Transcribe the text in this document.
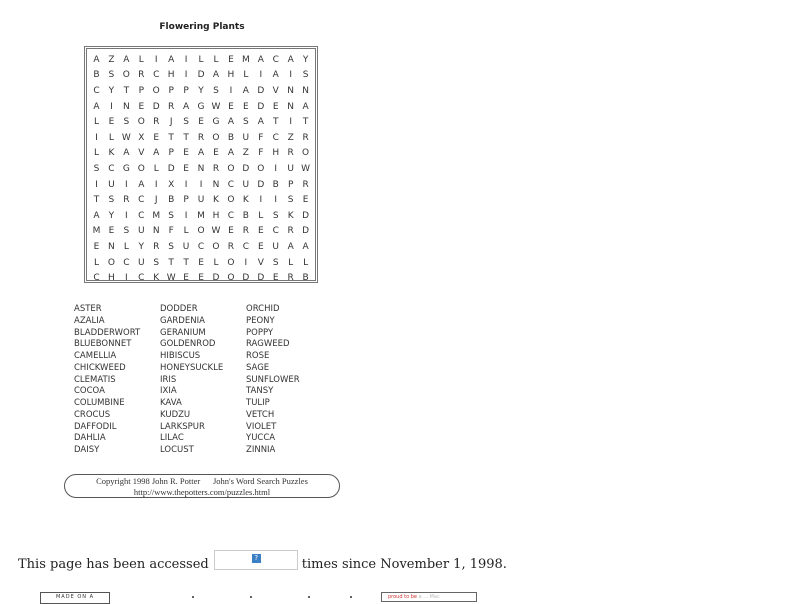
Flowering Plants
A Z A	L	I	A	I	L	L	E M A C A	Y
B S O R C H	I	D A H	L	I	A	I	S
C	Y	T	P O P	P	Y	S	I	A D V N N
A	I	N E D R A G W E	E D E N A
L	E	S O R	J	S	E G A	S A	T	I	T
I	L W X	E	T	T	R O B U	F	C Z R
L	K A V A	P	E	A	E	A Z	F H R O
S C G O L D E N R O D O	I	U W
I	U	I	A	I	X	I	I	N C U D B	P	R
T	S R C	J	B	P U K O K	I	I	S	E
A	Y	I	C M S	I	M H C B	L	S	K D
M E	S U N F	L O W E R E C R D
E N	L	Y	R S U C O R C E U A A
L O C U S	T	T	E	L O	I	V	S	L	L
C H	I	C K W E	E D O D D E R B
ASTER
AZALIA
BLADDERWORT
BLUEBONNET
CAMELLIA
CHICKWEED
CLEMATIS
COCOA
COLUMBINE
CROCUS
DAFFODIL
DAHLIA
DAISY
DODDER
GARDENIA
GERANIUM
GOLDENROD
HIBISCUS
HONEYSUCKLE
IRIS
IXIA
KAVA
KUDZU
LARKSPUR
LILAC
LOCUST
ORCHID
PEONY
POPPY
RAGWEED
ROSE
SAGE
SUNFLOWER
TANSY
TULIP
VETCH
VIOLET
YUCCA
ZINNIA
Copyright 1998 John R. Potter John's Word Search Puzzles
http://www.thepotters.com/puzzles.html
This page has been accessed	?	times since November 1, 1998.
MADE ON A	proud to be a ... Mac
